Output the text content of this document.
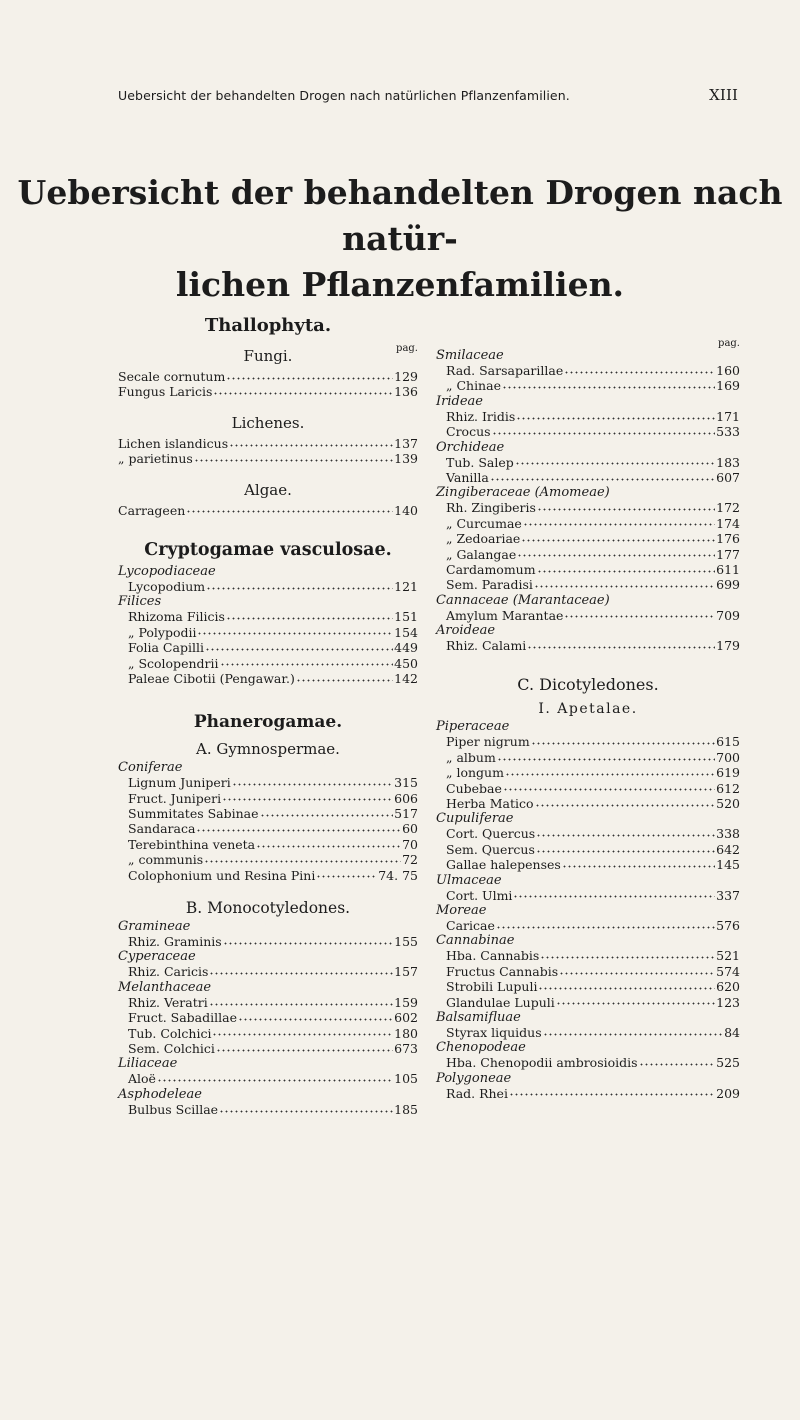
Uebersicht der behandelten Drogen nach natürlichen Pflanzenfamilien.	XIII
Uebersicht der behandelten Drogen nach natür-
lichen Pflanzenfamilien.
Thallophyta.
pag.
Fungi.
Secale cornutum	129
Fungus Laricis	136
Lichenes.
Lichen islandicus	137
„ parietinus	139
Algae.
Carrageen	140
Cryptogamae vasculosae.
Lycopodiaceae
Lycopodium	121
Filices
Rhizoma Filicis	151
„ Polypodii	154
Folia Capilli	449
„ Scolopendrii	450
Paleae Cibotii (Pengawar.)	142
Phanerogamae.
A. Gymnospermae.
Coniferae
Lignum Juniperi	315
Fruct. Juniperi	606
Summitates Sabinae	517
Sandaraca	60
Terebinthina veneta	70
„ communis	72
Colophonium und Resina Pini	74. 75
B. Monocotyledones.
Gramineae
Rhiz. Graminis	155
Cyperaceae
Rhiz. Caricis	157
Melanthaceae
Rhiz. Veratri	159
Fruct. Sabadillae	602
Tub. Colchici	180
Sem. Colchici	673
Liliaceae
Aloë	105
Asphodeleae
Bulbus Scillae	185
pag.
Smilaceae
Rad. Sarsaparillae	160
„ Chinae	169
Irideae
Rhiz. Iridis	171
Crocus	533
Orchideae
Tub. Salep	183
Vanilla	607
Zingiberaceae (Amomeae)
Rh. Zingiberis	172
„ Curcumae	174
„ Zedoariae	176
„ Galangae	177
Cardamomum	611
Sem. Paradisi	699
Cannaceae (Marantaceae)
Amylum Marantae	709
Aroideae
Rhiz. Calami	179
C. Dicotyledones.
I. Apetalae.
Piperaceae
Piper nigrum	615
„ album	700
„ longum	619
Cubebae	612
Herba Matico	520
Cupuliferae
Cort. Quercus	338
Sem. Quercus	642
Gallae halepenses	145
Ulmaceae
Cort. Ulmi	337
Moreae
Caricae	576
Cannabinae
Hba. Cannabis	521
Fructus Cannabis	574
Strobili Lupuli	620
Glandulae Lupuli	123
Balsamifluae
Styrax liquidus	84
Chenopodeae
Hba. Chenopodii ambrosioidis	525
Polygoneae
Rad. Rhei	209
